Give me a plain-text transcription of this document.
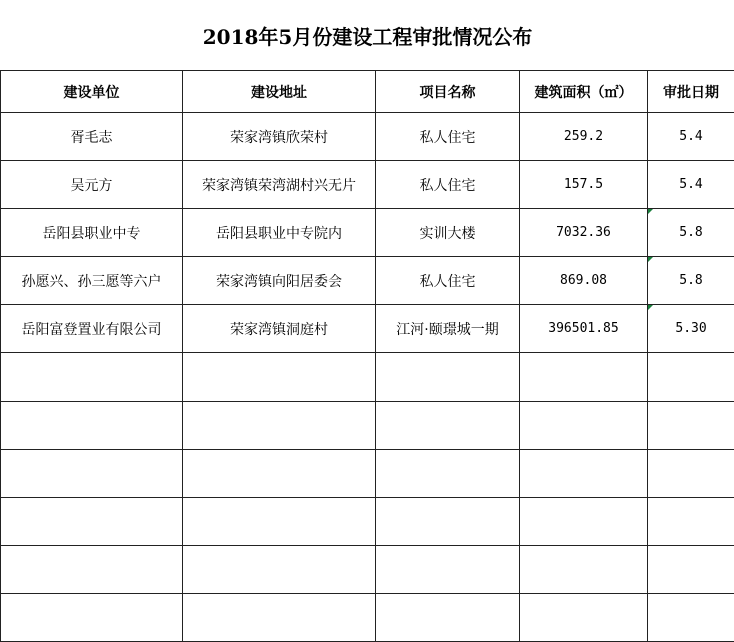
2018年5月份建设工程审批情况公布				
建设单位	建设地址	项目名称	建筑面积（㎡）	审批日期
胥毛志	荣家湾镇欣荣村	私人住宅	259.2	5.4
吴元方	荣家湾镇荣湾湖村兴无片	私人住宅	157.5	5.4
岳阳县职业中专	岳阳县职业中专院内	实训大楼	7032.36	5.8
孙愿兴、孙三愿等六户	荣家湾镇向阳居委会	私人住宅	869.08	5.8
岳阳富登置业有限公司	荣家湾镇洞庭村	江河·颐璟城一期	396501.85	5.30
